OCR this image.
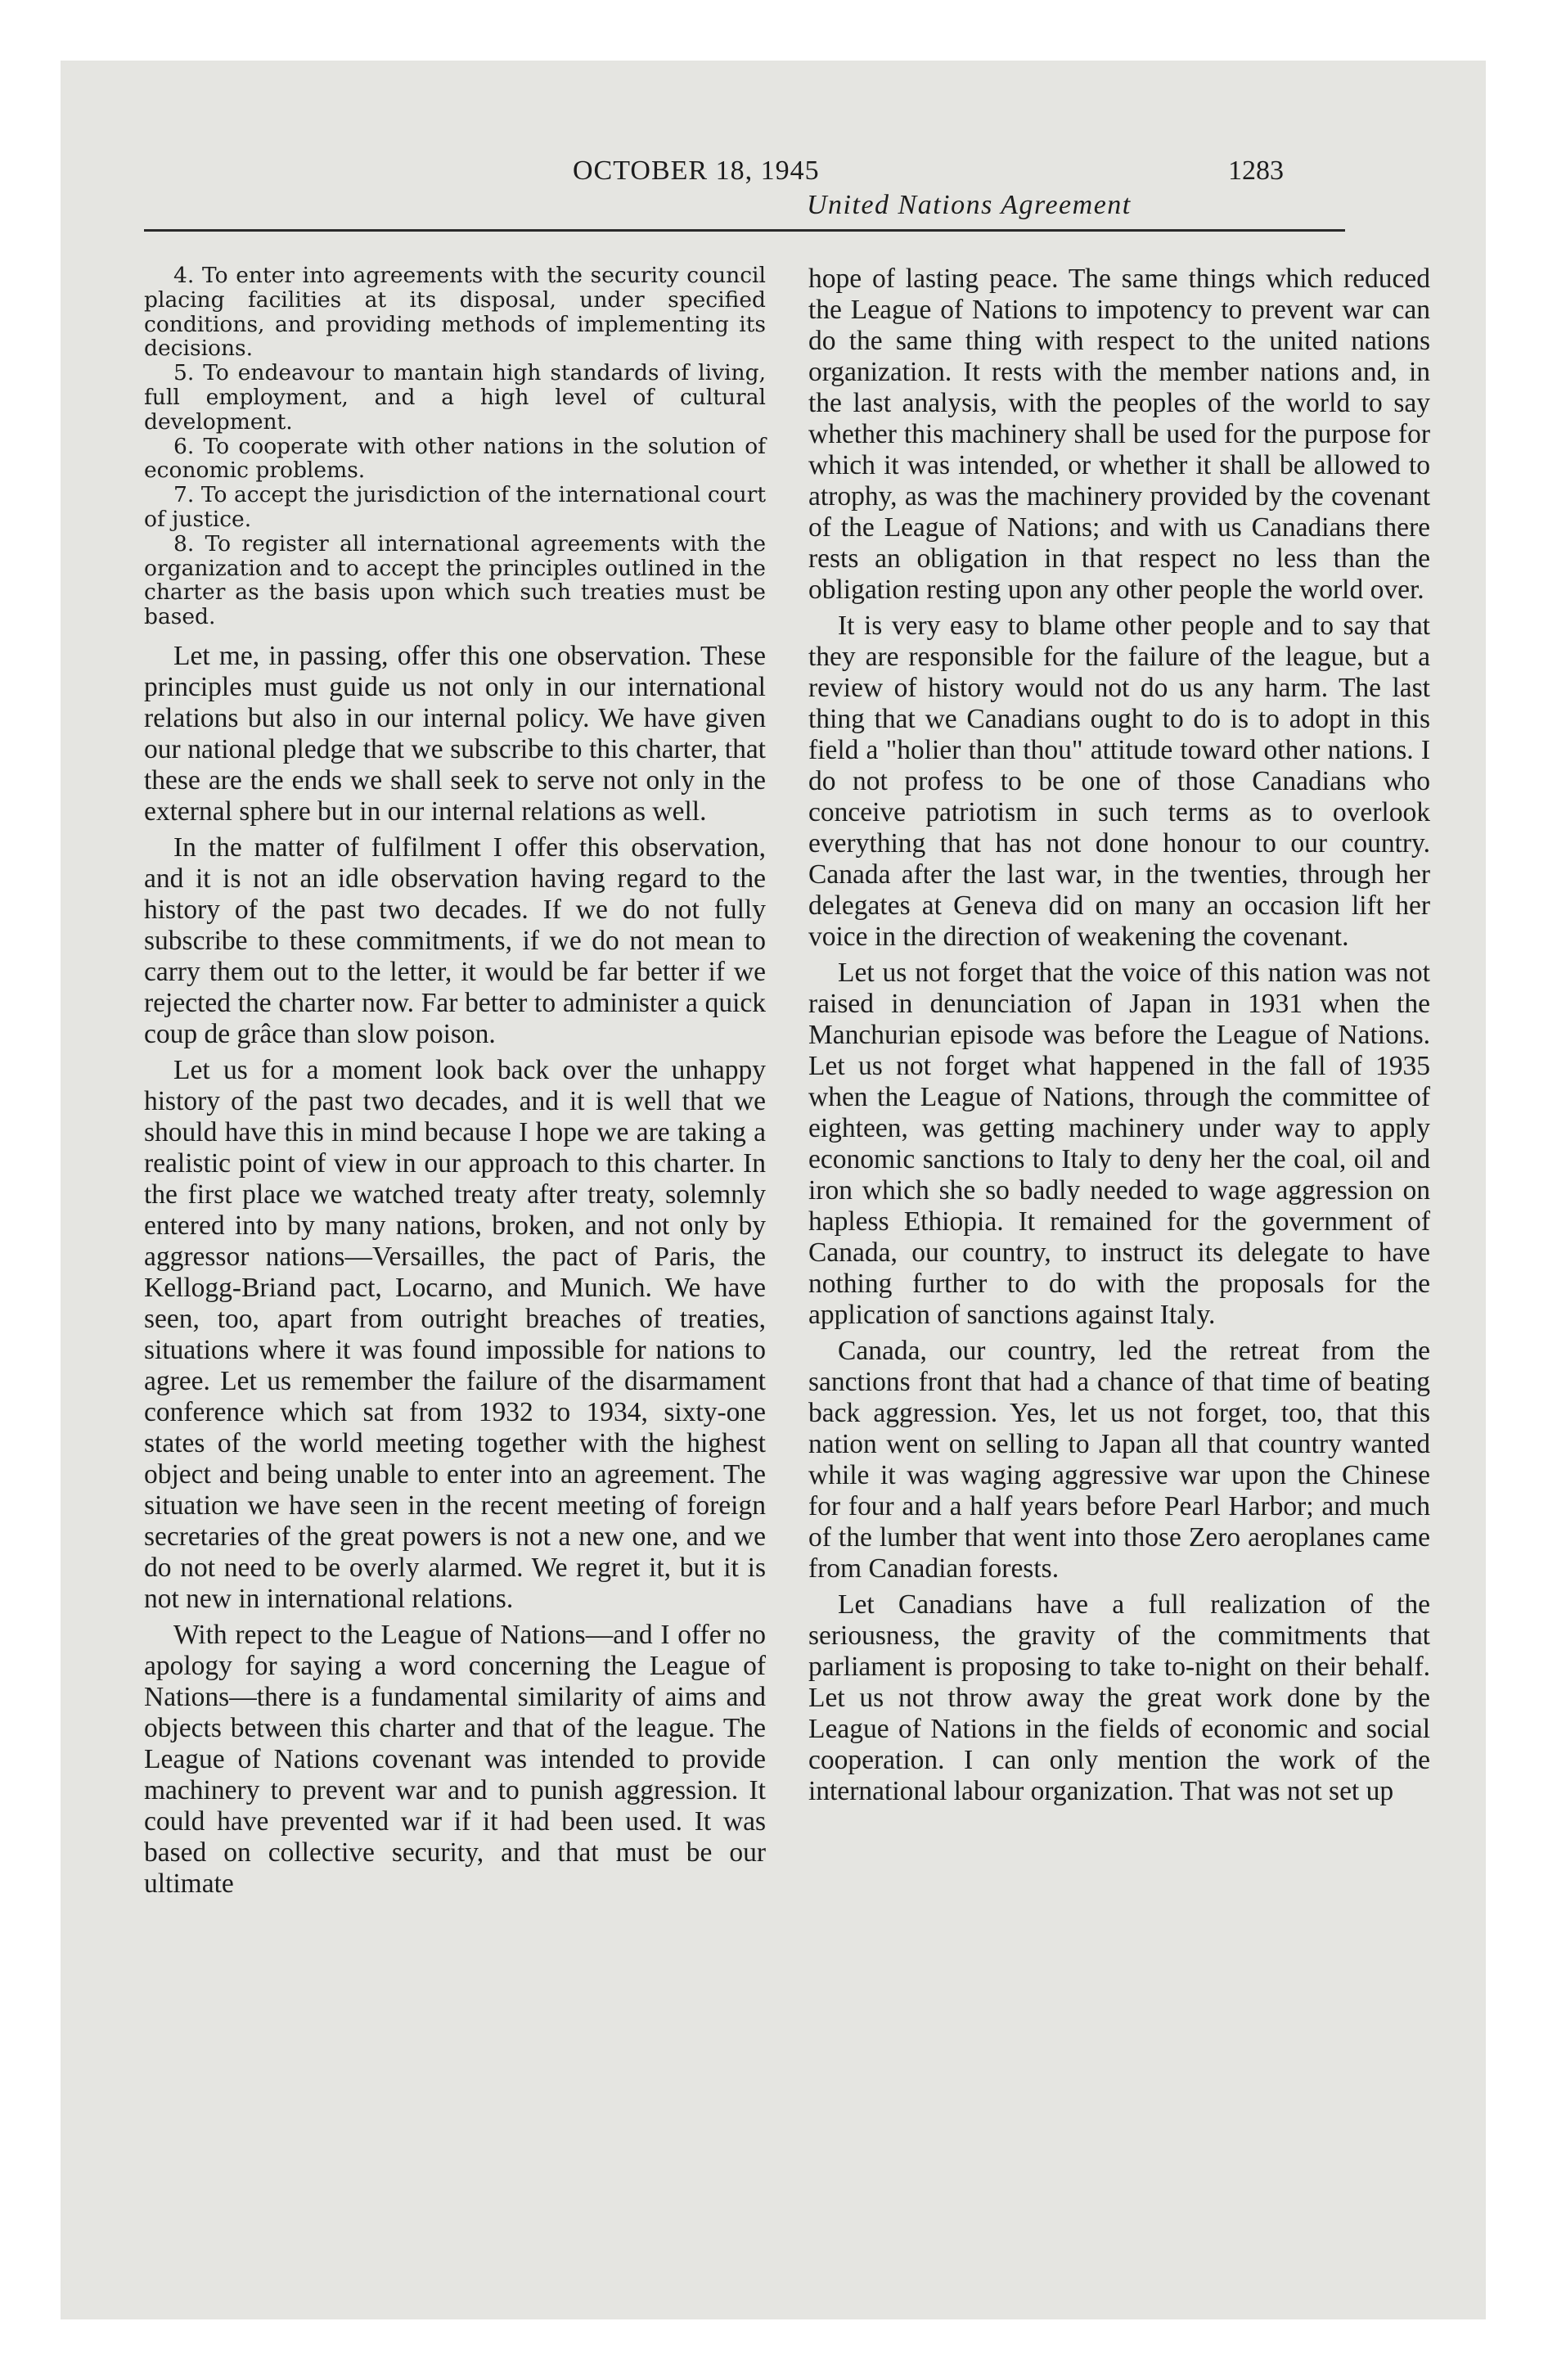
OCTOBER 18, 1945	1283
United Nations Agreement

4. To enter into agreements with the security council placing facilities at its disposal, under specified conditions, and providing methods of implementing its decisions.

5. To endeavour to mantain high standards of living, full employment, and a high level of cultural development.

6. To cooperate with other nations in the solution of economic problems.

7. To accept the jurisdiction of the international court of justice.

8. To register all international agreements with the organization and to accept the principles outlined in the charter as the basis upon which such treaties must be based.

Let me, in passing, offer this one observation. These principles must guide us not only in our international relations but also in our internal policy. We have given our national pledge that we subscribe to this charter, that these are the ends we shall seek to serve not only in the external sphere but in our internal relations as well.

In the matter of fulfilment I offer this observation, and it is not an idle observation having regard to the history of the past two decades. If we do not fully subscribe to these commitments, if we do not mean to carry them out to the letter, it would be far better if we rejected the charter now. Far better to administer a quick coup de grâce than slow poison.

Let us for a moment look back over the unhappy history of the past two decades, and it is well that we should have this in mind because I hope we are taking a realistic point of view in our approach to this charter. In the first place we watched treaty after treaty, solemnly entered into by many nations, broken, and not only by aggressor nations—Versailles, the pact of Paris, the Kellogg-Briand pact, Locarno, and Munich. We have seen, too, apart from outright breaches of treaties, situations where it was found impossible for nations to agree. Let us remember the failure of the disarmament conference which sat from 1932 to 1934, sixty-one states of the world meeting together with the highest object and being unable to enter into an agreement. The situation we have seen in the recent meeting of foreign secretaries of the great powers is not a new one, and we do not need to be overly alarmed. We regret it, but it is not new in international relations.

With repect to the League of Nations—and I offer no apology for saying a word concerning the League of Nations—there is a fundamental similarity of aims and objects between this charter and that of the league. The League of Nations covenant was intended to provide machinery to prevent war and to punish aggression. It could have prevented war if it had been used. It was based on collective security, and that must be our ultimate

hope of lasting peace. The same things which reduced the League of Nations to impotency to prevent war can do the same thing with respect to the united nations organization. It rests with the member nations and, in the last analysis, with the peoples of the world to say whether this machinery shall be used for the purpose for which it was intended, or whether it shall be allowed to atrophy, as was the machinery provided by the covenant of the League of Nations; and with us Canadians there rests an obligation in that respect no less than the obligation resting upon any other people the world over.

It is very easy to blame other people and to say that they are responsible for the failure of the league, but a review of history would not do us any harm. The last thing that we Canadians ought to do is to adopt in this field a "holier than thou" attitude toward other nations. I do not profess to be one of those Canadians who conceive patriotism in such terms as to overlook everything that has not done honour to our country. Canada after the last war, in the twenties, through her delegates at Geneva did on many an occasion lift her voice in the direction of weakening the covenant.

Let us not forget that the voice of this nation was not raised in denunciation of Japan in 1931 when the Manchurian episode was before the League of Nations. Let us not forget what happened in the fall of 1935 when the League of Nations, through the committee of eighteen, was getting machinery under way to apply economic sanctions to Italy to deny her the coal, oil and iron which she so badly needed to wage aggression on hapless Ethiopia. It remained for the government of Canada, our country, to instruct its delegate to have nothing further to do with the proposals for the application of sanctions against Italy.

Canada, our country, led the retreat from the sanctions front that had a chance of that time of beating back aggression. Yes, let us not forget, too, that this nation went on selling to Japan all that country wanted while it was waging aggressive war upon the Chinese for four and a half years before Pearl Harbor; and much of the lumber that went into those Zero aeroplanes came from Canadian forests.

Let Canadians have a full realization of the seriousness, the gravity of the commitments that parliament is proposing to take to-night on their behalf. Let us not throw away the great work done by the League of Nations in the fields of economic and social cooperation. I can only mention the work of the international labour organization. That was not set up
